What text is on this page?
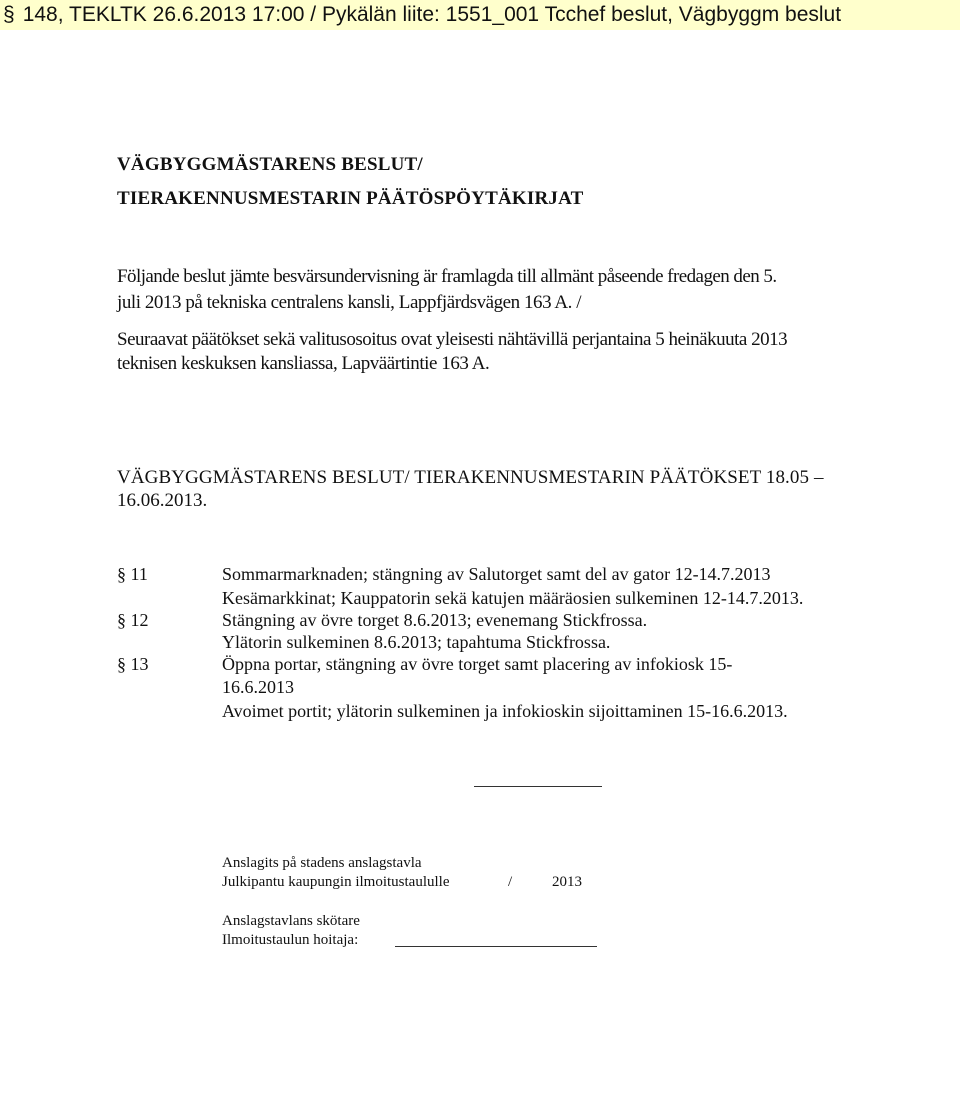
§ 148, TEKLTK 26.6.2013 17:00 / Pykälän liite: 1551_001 Tcchef beslut, Vägbyggm beslut
VÄGBYGGMÄSTARENS BESLUT/
TIERAKENNUSMESTARIN PÄÄTÖSPÖYTÄKIRJAT
Följande beslut jämte besvärsundervisning är framlagda till allmänt påseende fredagen den 5.
juli 2013 på tekniska centralens kansli, Lappfjärdsvägen 163 A. /
Seuraavat päätökset sekä valitusosoitus ovat yleisesti nähtävillä perjantaina 5 heinäkuuta 2013
teknisen keskuksen kansliassa, Lapväärtintie 163 A.
VÄGBYGGMÄSTARENS BESLUT/ TIERAKENNUSMESTARIN PÄÄTÖKSET 18.05 –
16.06.2013.
§ 11	Sommarmarknaden; stängning av Salutorget samt del av gator 12-14.7.2013
Kesämarkkinat; Kauppatorin sekä katujen määräosien sulkeminen 12-14.7.2013.
§ 12	Stängning av övre torget 8.6.2013; evenemang Stickfrossa.
Ylätorin sulkeminen 8.6.2013; tapahtuma Stickfrossa.
§ 13	Öppna portar, stängning av övre torget samt placering av infokiosk 15-
16.6.2013
Avoimet portit; ylätorin sulkeminen ja infokioskin sijoittaminen 15-16.6.2013.
Anslagits på stadens anslagstavla
Julkipantu kaupungin ilmoitustaululle	/	2013
Anslagstavlans skötare
Ilmoitustaulun hoitaja:
